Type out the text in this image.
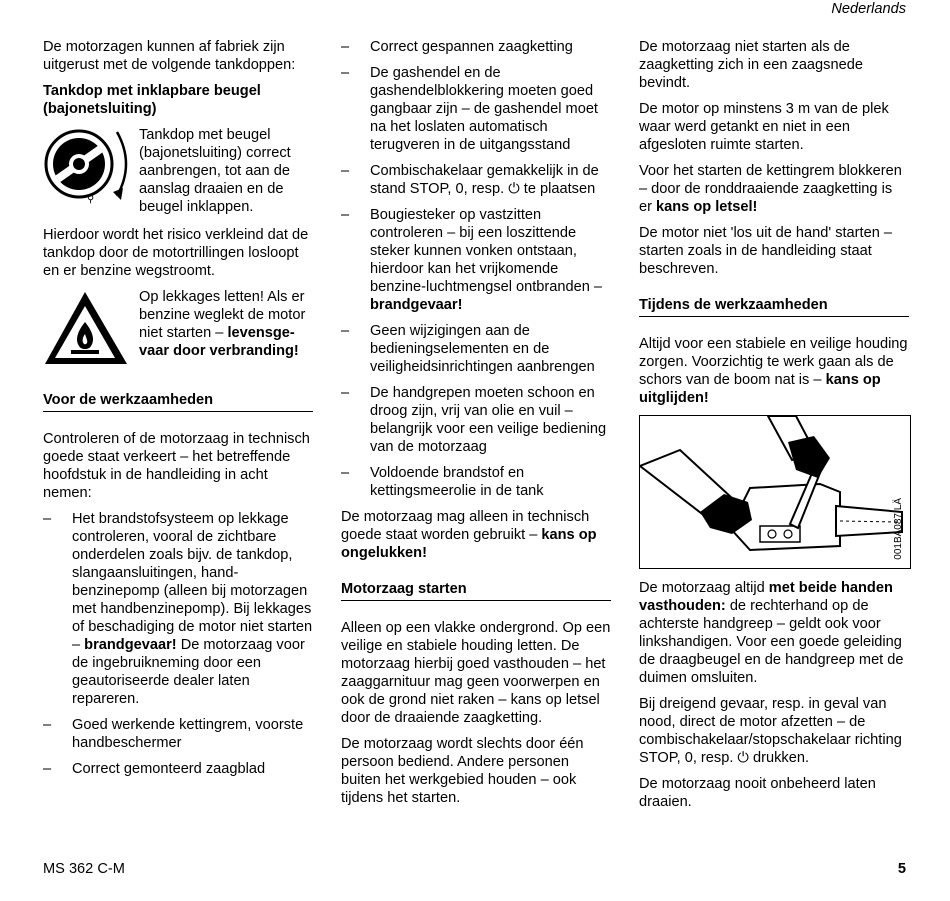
Nederlands

De motorzagen kunnen af fabriek zijn uitgerust met de volgende tankdoppen:

Tankdop met inklapbare beugel (bajonetsluiting)

⚲
Tankdop met beugel (bajonetsluiting) correct aanbrengen, tot aan de aanslag draaien en de beugel inklappen.

Hierdoor wordt het risico verkleind dat de tankdop door de motortrillingen losloopt en er benzine wegstroomt.

Op lekkages letten! Als er benzine weglekt de motor niet starten – levensgevaar door verbranding!
Voor de werkzaamheden

Controleren of de motorzaag in technisch goede staat verkeert – het betreffende hoofdstuk in de handleiding in acht nemen:

–	Het brandstofsysteem op lekkage controleren, vooral de zichtbare onderdelen zoals bijv. de tankdop, slangaansluitingen, handbenzinepomp (alleen bij motorzagen met handbenzinepomp). Bij lekkages of beschadiging de motor niet starten – brandgevaar! De motorzaag voor de ingebruikneming door een geautoriseerde dealer laten repareren.
–	Goed werkende kettingrem, voorste handbeschermer
–	Correct gemonteerd zaagblad
–	Correct gespannen zaagketting
–	De gashendel en de gashendelblokkering moeten goed gangbaar zijn – de gashendel moet na het loslaten automatisch terugveren in de uitgangsstand
–	Combischakelaar gemakkelijk in de stand STOP, 0, resp. ⏻ te plaatsen
–	Bougiesteker op vastzitten controleren – bij een loszittende steker kunnen vonken ontstaan, hierdoor kan het vrijkomende benzine-luchtmengsel ontbranden – brandgevaar!
–	Geen wijzigingen aan de bedieningselementen en de veiligheidsinrichtingen aanbrengen
–	De handgrepen moeten schoon en droog zijn, vrij van olie en vuil – belangrijk voor een veilige bediening van de motorzaag
–	Voldoende brandstof en kettingsmeerolie in de tank

De motorzaag mag alleen in technisch goede staat worden gebruikt – kans op ongelukken!

Motorzaag starten

Alleen op een vlakke ondergrond. Op een veilige en stabiele houding letten. De motorzaag hierbij goed vasthouden – het zaaggarnituur mag geen voorwerpen en ook de grond niet raken – kans op letsel door de draaiende zaagketting.

De motorzaag wordt slechts door één persoon bediend. Andere personen buiten het werkgebied houden – ook tijdens het starten.

De motorzaag niet starten als de zaagketting zich in een zaagsnede bevindt.

De motor op minstens 3 m van de plek waar werd getankt en niet in een afgesloten ruimte starten.

Voor het starten de kettingrem blokkeren – door de ronddraaiende zaagketting is er kans op letsel!

De motor niet 'los uit de hand' starten – starten zoals in de handleiding staat beschreven.

Tijdens de werkzaamheden

Altijd voor een stabiele en veilige houding zorgen. Voorzichtig te werk gaan als de schors van de boom nat is – kans op uitglijden!

001BA087 LÄ

De motorzaag altijd met beide handen vasthouden: de rechterhand op de achterste handgreep – geldt ook voor linkshandigen. Voor een goede geleiding de draagbeugel en de handgreep met de duimen omsluiten.

Bij dreigend gevaar, resp. in geval van nood, direct de motor afzetten – de combischakelaar/stopschakelaar richting STOP, 0, resp. ⏻ drukken.

De motorzaag nooit onbeheerd laten draaien.

MS 362 C-M	5
